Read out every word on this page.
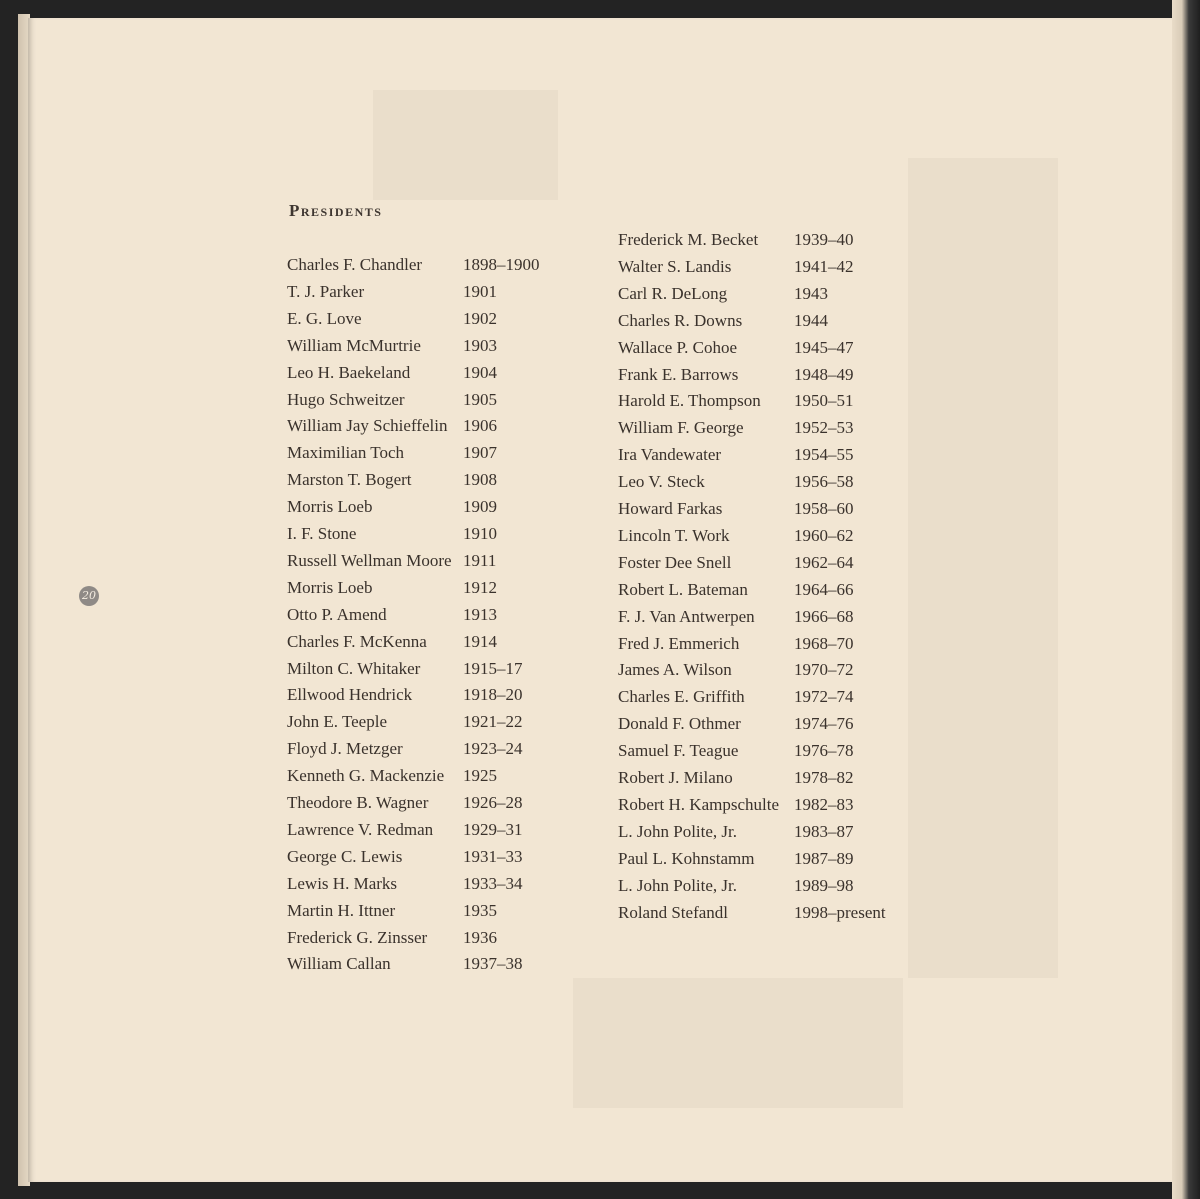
20
Presidents
Charles F. Chandler 1898–1900
T. J. Parker	1901
E. G. Love	1902
William McMurtrie 1903
Leo H. Baekeland	1904
Hugo Schweitzer	1905
William Jay Schieffelin 1906
Maximilian Toch	1907
Marston T. Bogert	1908
Morris Loeb	1909
I. F. Stone	1910
Russell Wellman Moore 1911
Morris Loeb	1912
Otto P. Amend	1913
Charles F. McKenna 1914
Milton C. Whitaker	1915–17
Ellwood Hendrick	1918–20
John E. Teeple	1921–22
Floyd J. Metzger	1923–24
Kenneth G. Mackenzie 1925
Theodore B. Wagner 1926–28
Lawrence V. Redman 1929–31
George C. Lewis	1931–33
Lewis H. Marks	1933–34
Martin H. Ittner	1935
Frederick G. Zinsser 1936
William Callan	1937–38
Frederick M. Becket 1939–40
Walter S. Landis	1941–42
Carl R. DeLong	1943
Charles R. Downs	1944
Wallace P. Cohoe	1945–47
Frank E. Barrows	1948–49
Harold E. Thompson 1950–51
William F. George	1952–53
Ira Vandewater	1954–55
Leo V. Steck	1956–58
Howard Farkas	1958–60
Lincoln T. Work	1960–62
Foster Dee Snell	1962–64
Robert L. Bateman	1964–66
F. J. Van Antwerpen 1966–68
Fred J. Emmerich	1968–70
James A. Wilson	1970–72
Charles E. Griffith	1972–74
Donald F. Othmer	1974–76
Samuel F. Teague	1976–78
Robert J. Milano	1978–82
Robert H. Kampschulte 1982–83
L. John Polite, Jr.	1983–87
Paul L. Kohnstamm 1987–89
L. John Polite, Jr.	1989–98
Roland Stefandl	1998–present
